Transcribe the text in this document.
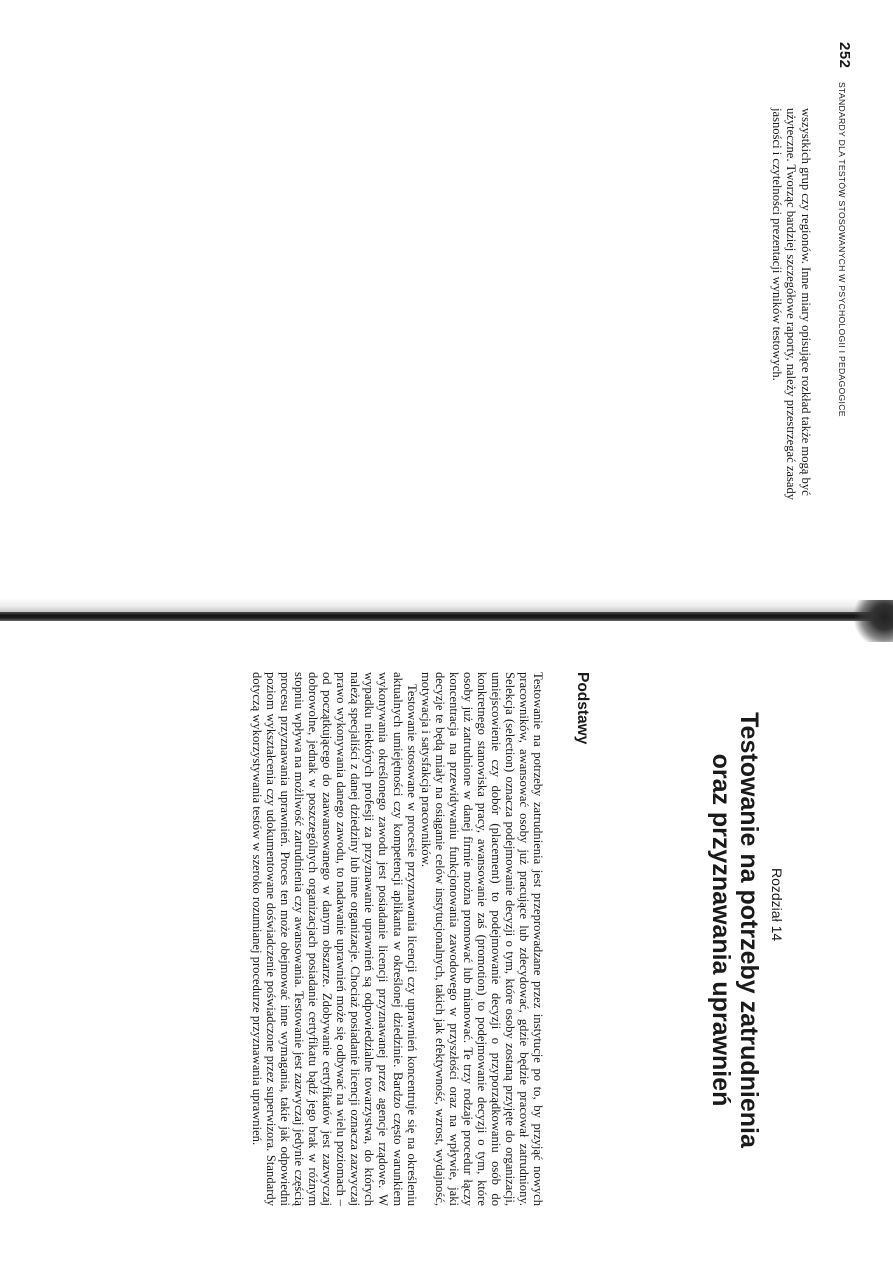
252
STANDARDY DLA TESTÓW STOSOWANYCH W PSYCHOLOGII I PEDAGOGICE

wszystkich grup czy regionów. Inne miary opisujące rozkład także mogą być

użyteczne. Tworząc bardziej szczegółowe raporty, należy przestrzegać zasady

jasności i czytelności prezentacji wyników testowych.

Rozdział 14
Testowanie na potrzeby zatrudnienia
oraz przyznawania uprawnień
Podstawy

Testowanie na potrzeby zatrudnienia jest przeprowadzane przez instytucje po to, by przyjąć nowych pracowników, awansować osoby już pracujące lub zdecydować, gdzie będzie pracował zatrudniony. Selekcja (selection) oznacza podejmowanie decyzji o tym, które osoby zostaną przyjęte do organizacji, umiejscowienie czy dobór (placement) to podejmowanie decyzji o przyporządkowaniu osób do konkretnego stanowiska pracy, awansowanie zaś (promotion) to podejmowanie decyzji o tym, które osoby już zatrudnione w danej firmie można promować lub mianować. Te trzy rodzaje procedur łączy koncentracja na przewidywaniu funkcjonowania zawodowego w przyszłości oraz na wpływie, jaki decyzje te będą miały na osiąganie celów instytucjonalnych, takich jak efektywność, wzrost, wydajność, motywacja i satysfakcja pracowników.

Testowanie stosowane w procesie przyznawania licencji czy uprawnień koncentruje się na określeniu aktualnych umiejętności czy kompetencji aplikanta w określonej dziedzinie. Bardzo często warunkiem wykonywania określonego zawodu jest posiadanie licencji przyznawanej przez agencje rządowe. W wypadku niektórych profesji za przyznawanie uprawnień są odpowiedzialne towarzystwa, do których należą specjaliści z danej dziedziny lub inne organizacje. Chociaż posiadanie licencji oznacza zazwyczaj prawo wykonywania danego zawodu, to nadawanie uprawnień może się odbywać na wielu poziomach – od początkującego do zaawansowanego w danym obszarze. Zdobywanie certyfikatów jest zazwyczaj dobrowolne, jednak w poszczególnych organizacjach posiadanie certyfikatu bądź jego brak w różnym stopniu wpływa na możliwość zatrudnienia czy awansowania. Testowanie jest zazwyczaj jedynie częścią procesu przyznawania uprawnień. Proces ten może obejmować inne wymagania, takie jak odpowiedni poziom wykształcenia czy udokumentowane doświadczenie poświadczone przez superwizora. Standardy dotyczą wykorzystywania testów w szeroko rozumianej procedurze przyznawania uprawnień.
